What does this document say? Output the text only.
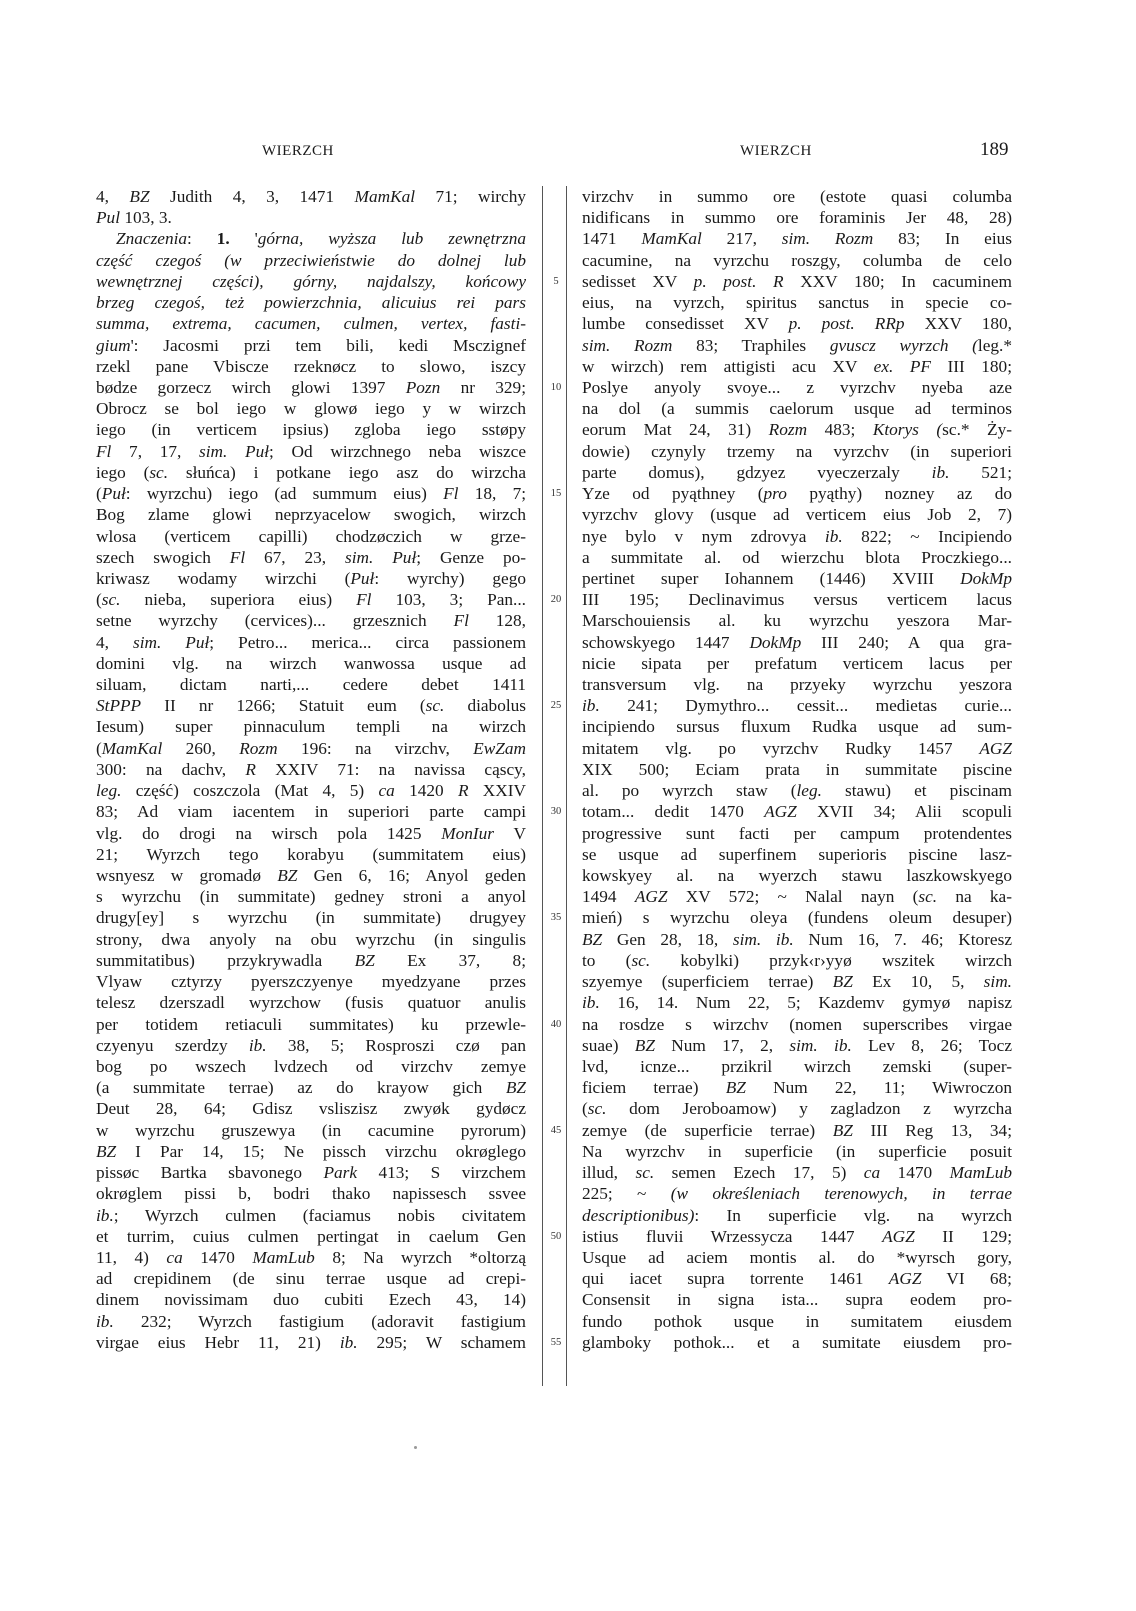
WIERZCH	WIERZCH	189
4, BZ Judith 4, 3, 1471 MamKal 71; wirchy
Pul 103, 3.
Znaczenia: 1. 'górna, wyższa lub zewnętrzna
część czegoś (w przeciwieństwie do dolnej lub
wewnętrznej części), górny, najdalszy, końcowy
brzeg czegoś, też powierzchnia, alicuius rei pars
summa, extrema, cacumen, culmen, vertex, fasti-
gium': Jacosmi przi tem bili, kedi Msczignef
rzekl pane Vbiscze rzeknøcz to slowo, iszcy
bødze gorzecz wirch glowi 1397 Pozn nr 329;
Obrocz se bol iego w glowø iego y w wirzch
iego (in verticem ipsius) zgloba iego sstøpy
Fl 7, 17, sim. Puł; Od wirzchnego neba wiszce
iego (sc. słuńca) i potkane iego asz do wirzcha
(Puł: wyrzchu) iego (ad summum eius) Fl 18, 7;
Bog zlame glowi neprzyacelow swogich, wirzch
wlosa (verticem capilli) chodzøczich w grze-
szech swogich Fl 67, 23, sim. Puł; Genze po-
kriwasz wodamy wirzchi (Puł: wyrchy) gego
(sc. nieba, superiora eius) Fl 103, 3; Pan...
setne wyrzchy (cervices)... grzesznich Fl 128,
4, sim. Puł; Petro... merica... circa passionem
domini vlg. na wirzch wanwossa usque ad
siluam, dictam narti,... cedere debet 1411
StPPP II nr 1266; Statuit eum (sc. diabolus
Iesum) super pinnaculum templi na wirzch
(MamKal 260, Rozm 196: na virzchv, EwZam
300: na dachv, R XXIV 71: na navissa cąscy,
leg. część) coszczola (Mat 4, 5) ca 1420 R XXIV
83; Ad viam iacentem in superiori parte campi
vlg. do drogi na wirsch pola 1425 MonIur V
21; Wyrzch tego korabyu (summitatem eius)
wsnyesz w gromadø BZ Gen 6, 16; Anyol geden
s wyrzchu (in summitate) gedney stroni a anyol
drugy[ey] s wyrzchu (in summitate) drugyey
strony, dwa anyoly na obu wyrzchu (in singulis
summitatibus) przykrywadla BZ Ex 37, 8;
Vlyaw cztyrzy pyerszczyenye myedzyane przes
telesz dzerszadl wyrzchow (fusis quatuor anulis
per totidem retiaculi summitates) ku przewle-
czyenyu szerdzy ib. 38, 5; Rosproszi czø pan
bog po wszech lvdzech od virzchv zemye
(a summitate terrae) az do krayow gich BZ
Deut 28, 64; Gdisz vsliszisz zwyøk gydøcz
w wyrzchu gruszewya (in cacumine pyrorum)
BZ I Par 14, 15; Ne pissch virzchu okrøglego
pissøc Bartka sbavonego Park 413; S virzchem
okrøglem pissi b, bodri thako napissesch ssvee
ib.; Wyrzch culmen (faciamus nobis civitatem
et turrim, cuius culmen pertingat in caelum Gen
11, 4) ca 1470 MamLub 8; Na wyrzch *oltorzą
ad crepidinem (de sinu terrae usque ad crepi-
dinem novissimam duo cubiti Ezech 43, 14)
ib. 232; Wyrzch fastigium (adoravit fastigium
virgae eius Hebr 11, 21) ib. 295; W schamem
5
10
15
20
25
30
35
40
45
50
55
virzchv in summo ore (estote quasi columba
nidificans in summo ore foraminis Jer 48, 28)
1471 MamKal 217, sim. Rozm 83; In eius
cacumine, na vyrzchu roszgy, columba de celo
sedisset XV p. post. R XXV 180; In cacuminem
eius, na vyrzch, spiritus sanctus in specie co-
lumbe consedisset XV p. post. RRp XXV 180,
sim. Rozm 83; Traphiles gvuscz wyrzch (leg.*
w wirzch) rem attigisti acu XV ex. PF III 180;
Poslye anyoly svoye... z vyrzchv nyeba aze
na dol (a summis caelorum usque ad terminos
eorum Mat 24, 31) Rozm 483; Ktorys (sc.* Ży-
dowie) czynyly trzemy na vyrzchv (in superiori
parte domus), gdzyez vyeczerzaly ib. 521;
Yze od pyąthney (pro pyąthy) nozney az do
vyrzchv glovy (usque ad verticem eius Job 2, 7)
nye bylo v nym zdrovya ib. 822; ~ Incipiendo
a summitate al. od wierzchu blota Proczkiego...
pertinet super Iohannem (1446) XVIII DokMp
III 195; Declinavimus versus verticem lacus
Marschouiensis al. ku wyrzchu yeszora Mar-
schowskyego 1447 DokMp III 240; A qua gra-
nicie sipata per prefatum verticem lacus per
transversum vlg. na przyeky wyrzchu yeszora
ib. 241; Dymythro... cessit... medietas curie...
incipiendo sursus fluxum Rudka usque ad sum-
mitatem vlg. po vyrzchv Rudky 1457 AGZ
XIX 500; Eciam prata in summitate piscine
al. po wyrzch staw (leg. stawu) et piscinam
totam... dedit 1470 AGZ XVII 34; Alii scopuli
progressive sunt facti per campum protendentes
se usque ad superfinem superioris piscine lasz-
kowskyey al. na wyerzch stawu laszkowskyego
1494 AGZ XV 572; ~ Nalal nayn (sc. na ka-
mień) s wyrzchu oleya (fundens oleum desuper)
BZ Gen 28, 18, sim. ib. Num 16, 7. 46; Ktoresz
to (sc. kobylki) przyk‹r›yyø wszitek wirzch
szyemye (superficiem terrae) BZ Ex 10, 5, sim.
ib. 16, 14. Num 22, 5; Kazdemv gymyø napisz
na rosdze s wirzchv (nomen superscribes virgae
suae) BZ Num 17, 2, sim. ib. Lev 8, 26; Tocz
lvd, icnze... przikril wirzch zemski (super-
ficiem terrae) BZ Num 22, 11; Wiwroczon
(sc. dom Jeroboamow) y zagladzon z wyrzcha
zemye (de superficie terrae) BZ III Reg 13, 34;
Na wyrzchv in superficie (in superficie posuit
illud, sc. semen Ezech 17, 5) ca 1470 MamLub
225; ~ (w określeniach terenowych, in terrae
descriptionibus): In superficie vlg. na wyrzch
istius fluvii Wrzessycza 1447 AGZ II 129;
Usque ad aciem montis al. do *wyrsch gory,
qui iacet supra torrente 1461 AGZ VI 68;
Consensit in signa ista... supra eodem pro-
fundo pothok usque in sumitatem eiusdem
glamboky pothok... et a sumitate eiusdem pro-
